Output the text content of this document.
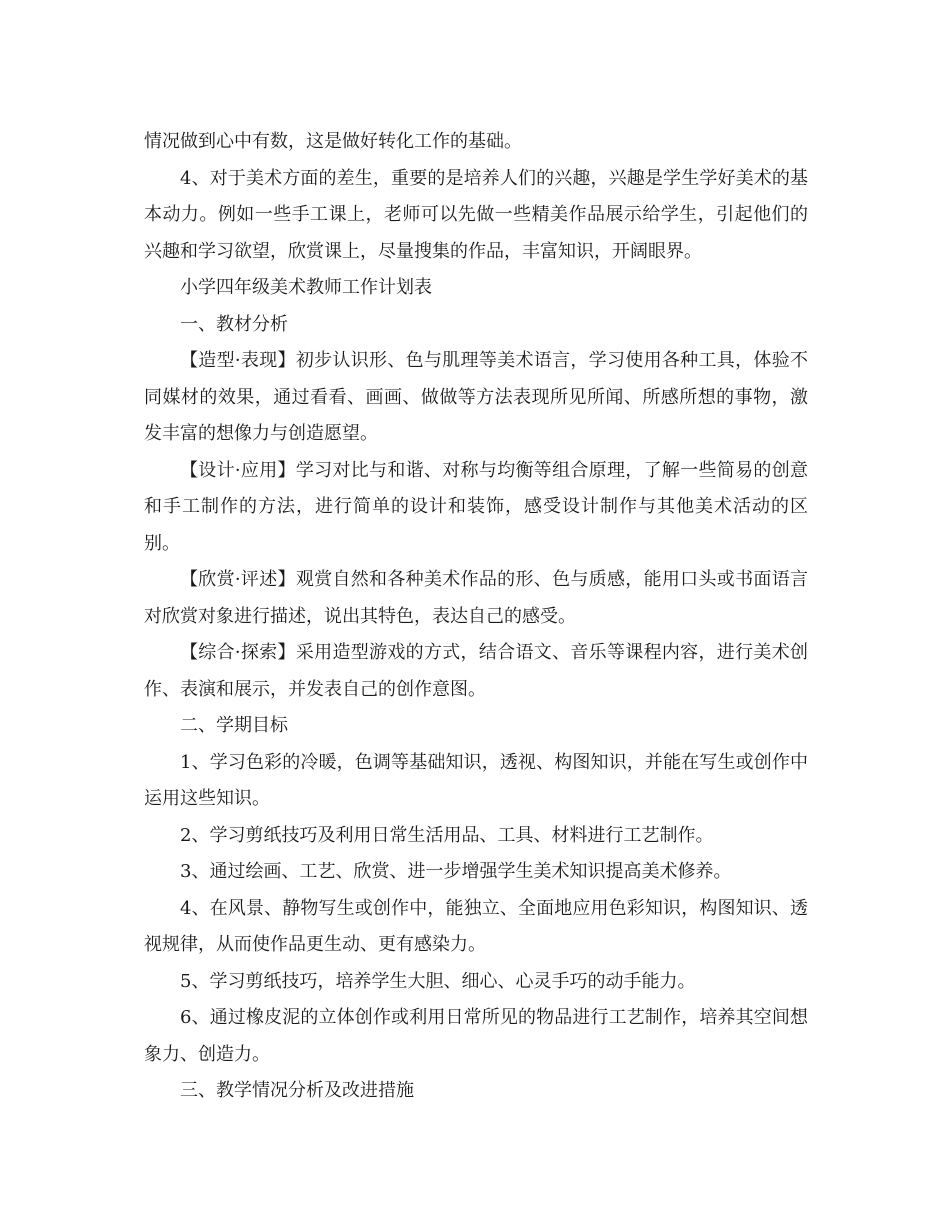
情况做到心中有数，这是做好转化工作的基础。

4、对于美术方面的差生，重要的是培养人们的兴趣，兴趣是学生学好美术的基本动力。例如一些手工课上，老师可以先做一些精美作品展示给学生，引起他们的兴趣和学习欲望，欣赏课上，尽量搜集的作品，丰富知识，开阔眼界。

小学四年级美术教师工作计划表

一、教材分析

【造型·表现】初步认识形、色与肌理等美术语言，学习使用各种工具，体验不同媒材的效果，通过看看、画画、做做等方法表现所见所闻、所感所想的事物，激发丰富的想像力与创造愿望。

【设计·应用】学习对比与和谐、对称与均衡等组合原理，了解一些简易的创意和手工制作的方法，进行简单的设计和装饰，感受设计制作与其他美术活动的区别。

【欣赏·评述】观赏自然和各种美术作品的形、色与质感，能用口头或书面语言对欣赏对象进行描述，说出其特色，表达自己的感受。

【综合·探索】采用造型游戏的方式，结合语文、音乐等课程内容，进行美术创作、表演和展示，并发表自己的创作意图。

二、学期目标

1、学习色彩的冷暖，色调等基础知识，透视、构图知识，并能在写生或创作中运用这些知识。

2、学习剪纸技巧及利用日常生活用品、工具、材料进行工艺制作。

3、通过绘画、工艺、欣赏、进一步增强学生美术知识提高美术修养。

4、在风景、静物写生或创作中，能独立、全面地应用色彩知识，构图知识、透视规律，从而使作品更生动、更有感染力。

5、学习剪纸技巧，培养学生大胆、细心、心灵手巧的动手能力。

6、通过橡皮泥的立体创作或利用日常所见的物品进行工艺制作，培养其空间想象力、创造力。

三、教学情况分析及改进措施
